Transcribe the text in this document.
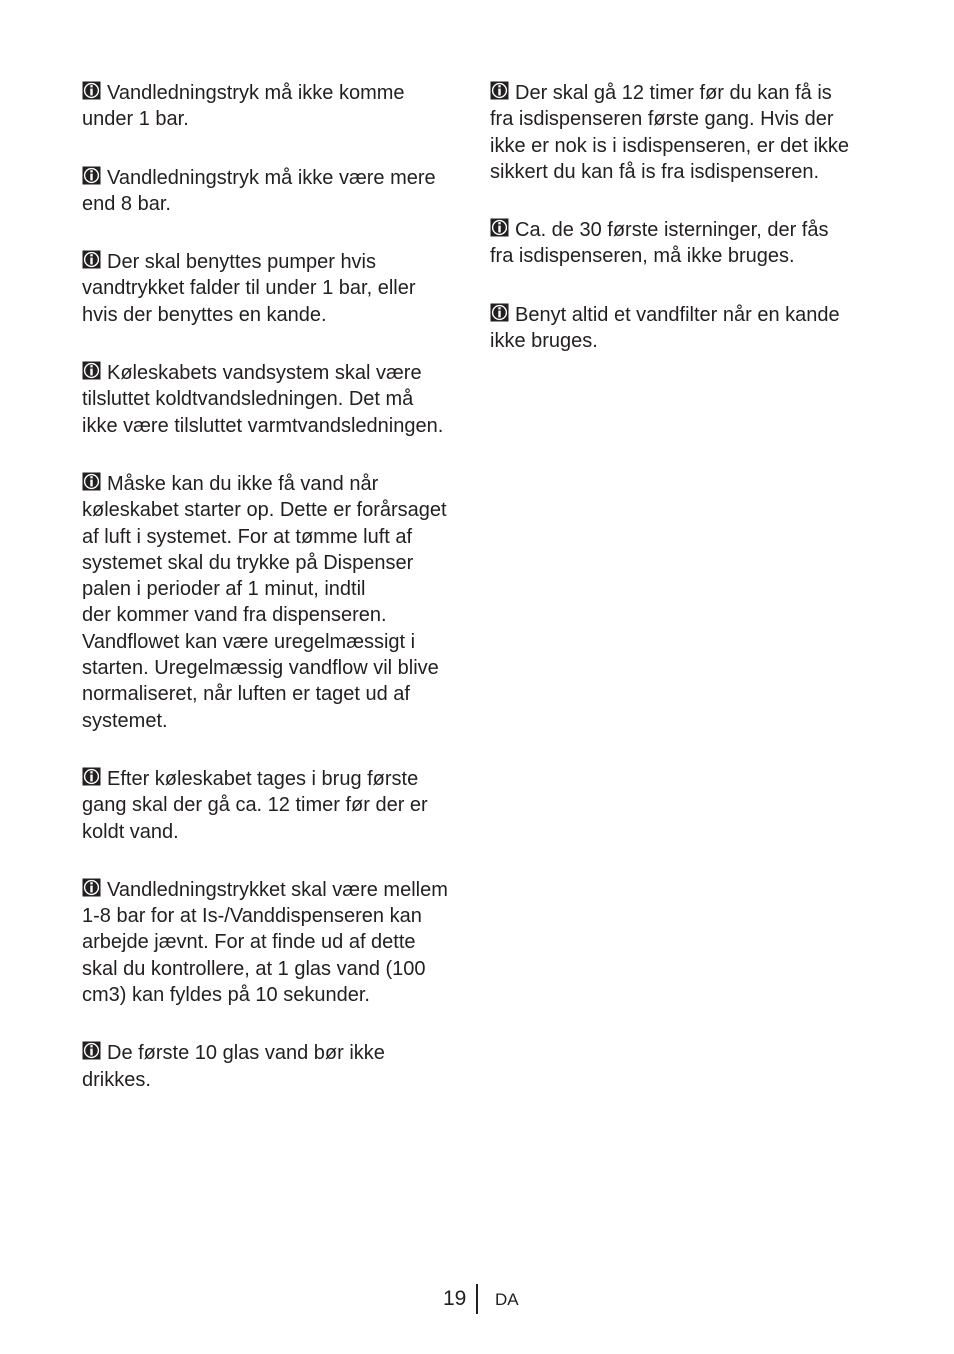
Vandledningstryk må ikke komme
under 1 bar.

Vandledningstryk må ikke være mere
end 8 bar.

Der skal benyttes pumper hvis
vandtrykket falder til under 1 bar, eller
hvis der benyttes en kande.

Køleskabets vandsystem skal være
tilsluttet koldtvandsledningen. Det må
ikke være tilsluttet varmtvandsledningen.

Måske kan du ikke få vand når
køleskabet starter op. Dette er forårsaget
af luft i systemet. For at tømme luft af
systemet skal du trykke på Dispenser
palen i perioder af 1 minut, indtil
der kommer vand fra dispenseren.
Vandflowet kan være uregelmæssigt i
starten. Uregelmæssig vandflow vil blive
normaliseret, når luften er taget ud af
systemet.

Efter køleskabet tages i brug første
gang skal der gå ca. 12 timer før der er
koldt vand.

Vandledningstrykket skal være mellem
1-8 bar for at Is-/Vanddispenseren kan
arbejde jævnt. For at finde ud af dette
skal du kontrollere, at 1 glas vand (100
cm3) kan fyldes på 10 sekunder.

De første 10 glas vand bør ikke
drikkes.

Der skal gå 12 timer før du kan få is
fra isdispenseren første gang. Hvis der
ikke er nok is i isdispenseren, er det ikke
sikkert du kan få is fra isdispenseren.

Ca. de 30 første isterninger, der fås
fra isdispenseren, må ikke bruges.

Benyt altid et vandfilter når en kande
ikke bruges.

19 DA
